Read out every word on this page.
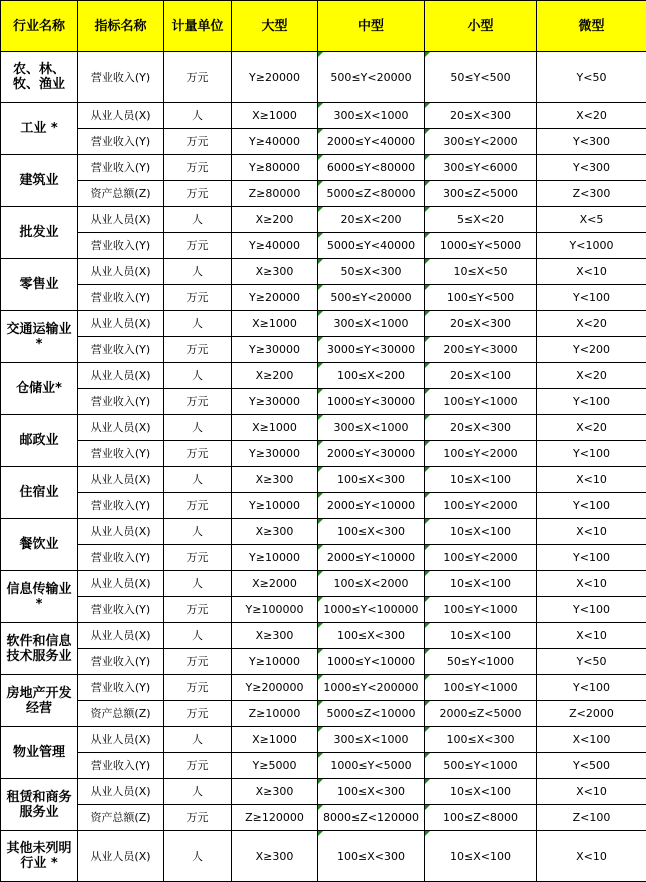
行业名称	指标名称	计量单位	大型	中型	小型	微型
农、林、牧、渔业	营业收入(Y)	万元	Y≥20000	500≤Y<20000	50≤Y<500	Y<50
工业 *	从业人员(X)	人	X≥1000	300≤X<1000	20≤X<300	X<20
	营业收入(Y)	万元	Y≥40000	2000≤Y<40000	300≤Y<2000	Y<300
建筑业	营业收入(Y)	万元	Y≥80000	6000≤Y<80000	300≤Y<6000	Y<300
	资产总额(Z)	万元	Z≥80000	5000≤Z<80000	300≤Z<5000	Z<300
批发业	从业人员(X)	人	X≥200	20≤X<200	5≤X<20	X<5
	营业收入(Y)	万元	Y≥40000	5000≤Y<40000	1000≤Y<5000	Y<1000
零售业	从业人员(X)	人	X≥300	50≤X<300	10≤X<50	X<10
	营业收入(Y)	万元	Y≥20000	500≤Y<20000	100≤Y<500	Y<100
交通运输业 *	从业人员(X)	人	X≥1000	300≤X<1000	20≤X<300	X<20
	营业收入(Y)	万元	Y≥30000	3000≤Y<30000	200≤Y<3000	Y<200
仓储业*	从业人员(X)	人	X≥200	100≤X<200	20≤X<100	X<20
	营业收入(Y)	万元	Y≥30000	1000≤Y<30000	100≤Y<1000	Y<100
邮政业	从业人员(X)	人	X≥1000	300≤X<1000	20≤X<300	X<20
	营业收入(Y)	万元	Y≥30000	2000≤Y<30000	100≤Y<2000	Y<100
住宿业	从业人员(X)	人	X≥300	100≤X<300	10≤X<100	X<10
	营业收入(Y)	万元	Y≥10000	2000≤Y<10000	100≤Y<2000	Y<100
餐饮业	从业人员(X)	人	X≥300	100≤X<300	10≤X<100	X<10
	营业收入(Y)	万元	Y≥10000	2000≤Y<10000	100≤Y<2000	Y<100
信息传输业 *	从业人员(X)	人	X≥2000	100≤X<2000	10≤X<100	X<10
	营业收入(Y)	万元	Y≥100000	1000≤Y<100000	100≤Y<1000	Y<100
软件和信息技术服务业	从业人员(X)	人	X≥300	100≤X<300	10≤X<100	X<10
	营业收入(Y)	万元	Y≥10000	1000≤Y<10000	50≤Y<1000	Y<50
房地产开发经营	营业收入(Y)	万元	Y≥200000	1000≤Y<200000	100≤Y<1000	Y<100
	资产总额(Z)	万元	Z≥10000	5000≤Z<10000	2000≤Z<5000	Z<2000
物业管理	从业人员(X)	人	X≥1000	300≤X<1000	100≤X<300	X<100
	营业收入(Y)	万元	Y≥5000	1000≤Y<5000	500≤Y<1000	Y<500
租赁和商务服务业	从业人员(X)	人	X≥300	100≤X<300	10≤X<100	X<10
	资产总额(Z)	万元	Z≥120000	8000≤Z<120000	100≤Z<8000	Z<100
其他未列明行业 *	从业人员(X)	人	X≥300	100≤X<300	10≤X<100	X<10
